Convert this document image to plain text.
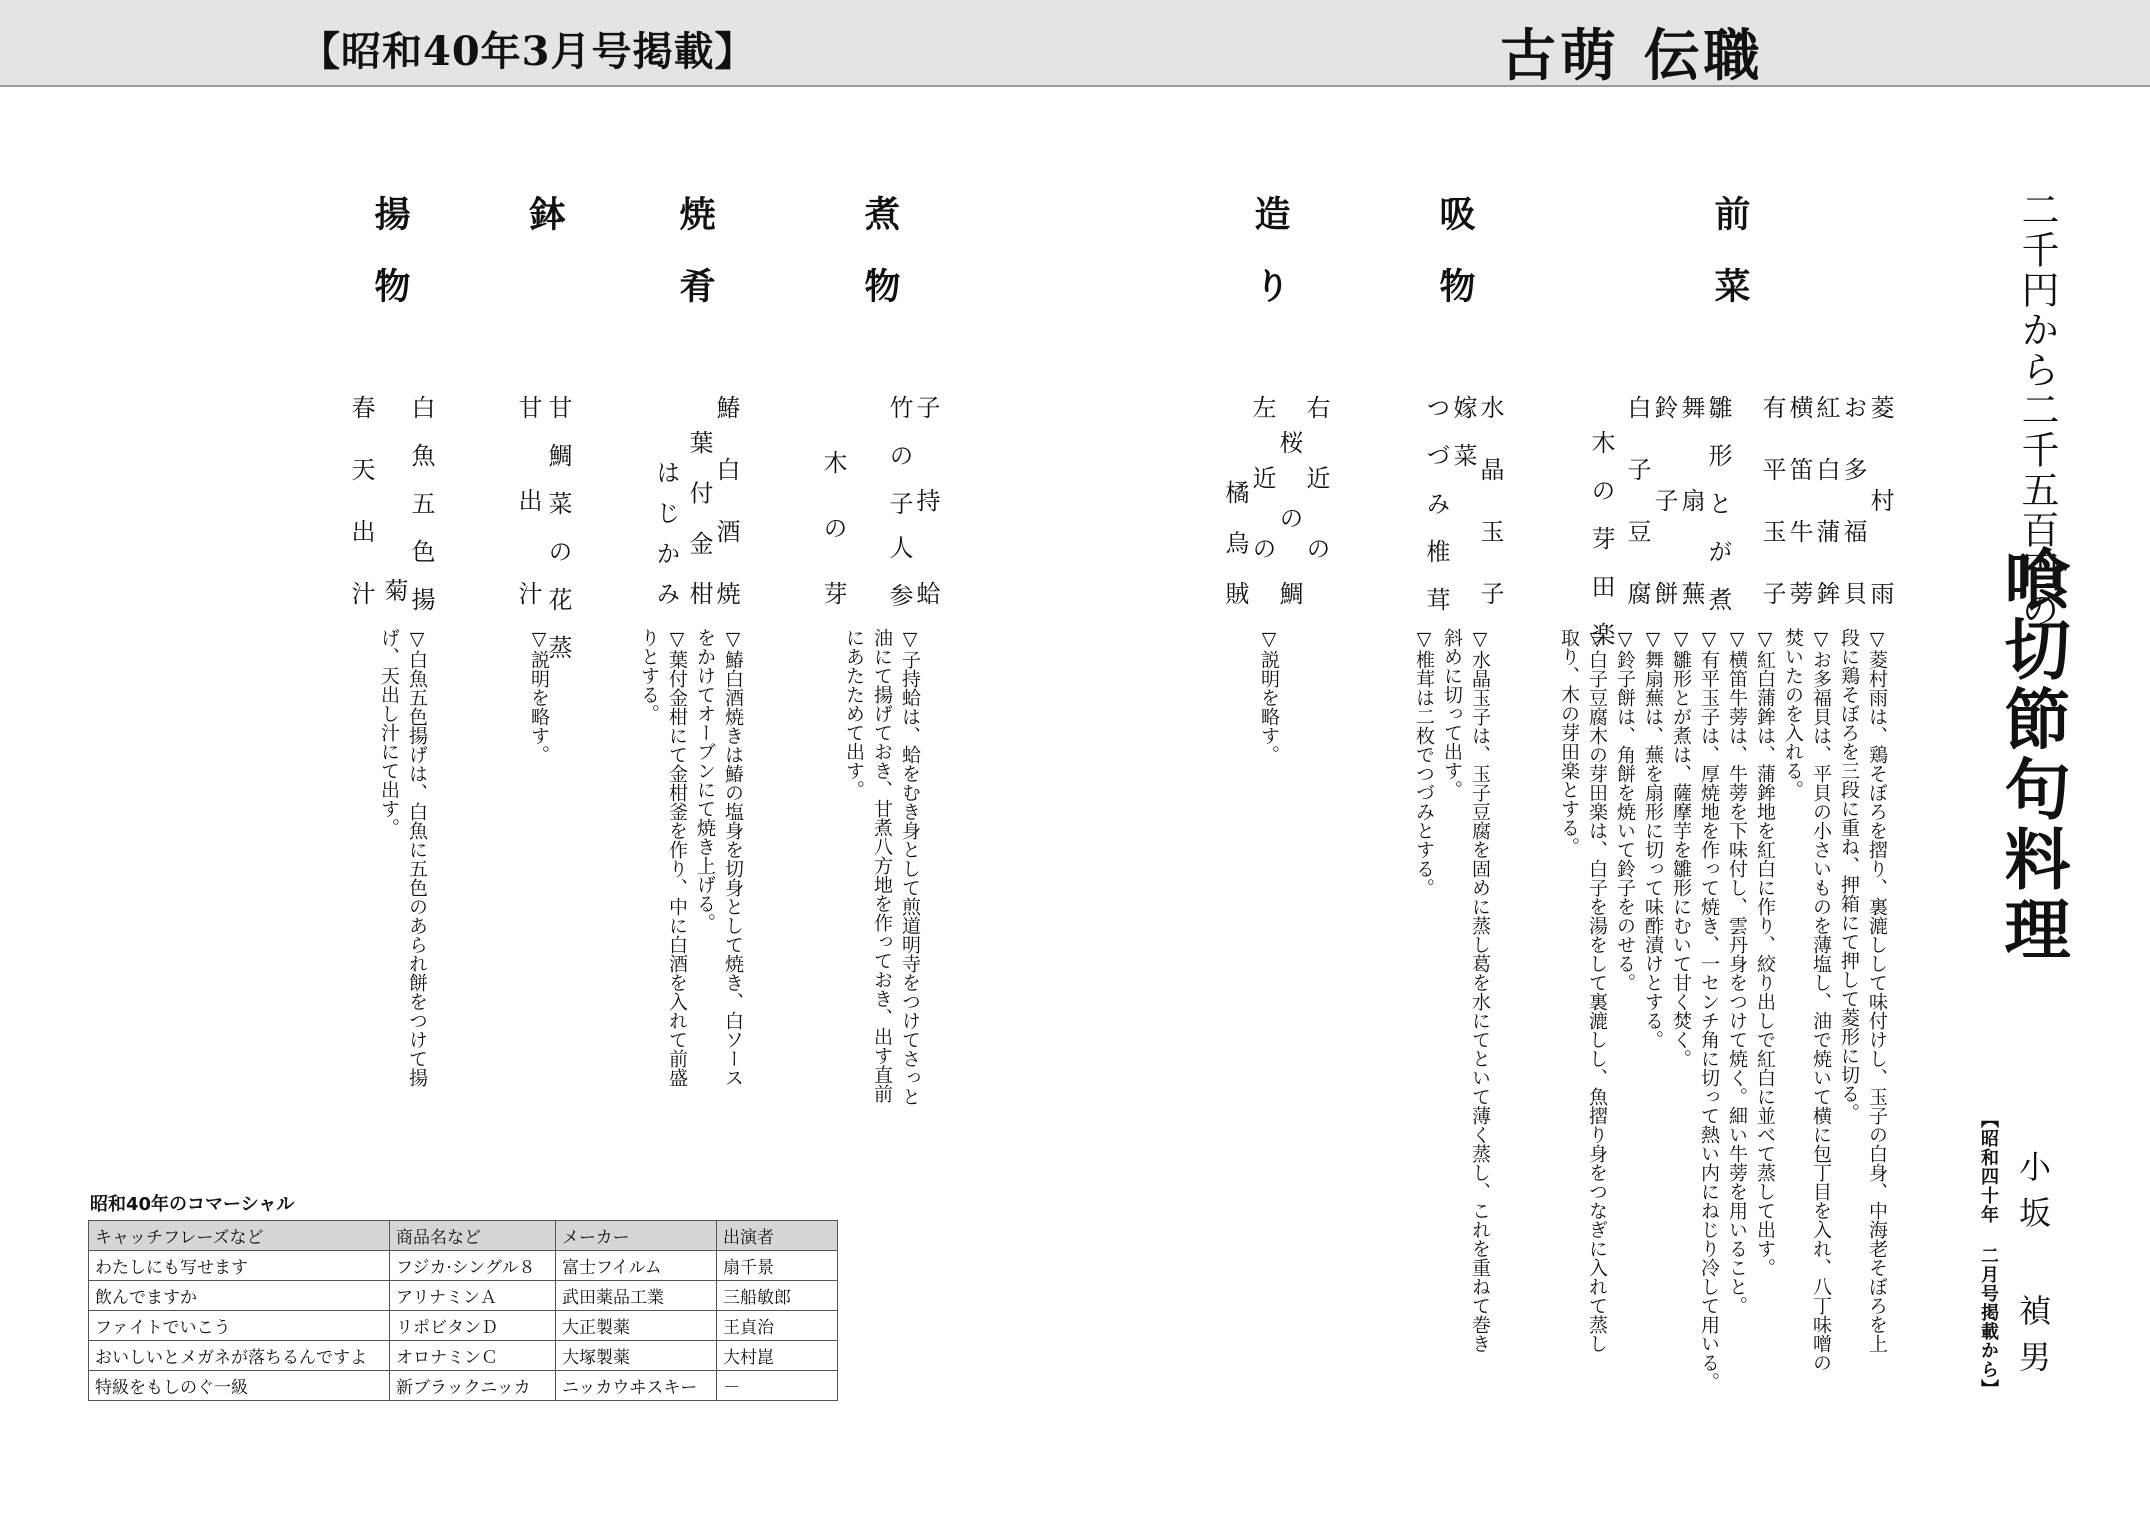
【昭和40年3月号掲載】	古萌 伝職
二千円から二千五百円の
喰切節句料理
小坂 禎男
【昭和四十年 二月号掲載から】
前　菜
菱　　村　　雨
お　多　福　貝
紅　白　蒲　鉾
横　笛　牛　蒡
有　平　玉　子
雛　形　と　が　煮
舞　扇　蕪
鈴　子　餅
白　子　豆　腐
木　の　芽　田　楽
▽菱村雨は、鶏そぼろを摺り、裏漉しして味付けし、玉子の白身、中海老そぼろを上
段に鶏そぼろを三段に重ね、押箱にて押して菱形に切る。
▽お多福貝は、平貝の小さいものを薄塩し、油で焼いて横に包丁目を入れ、八丁味噌の
焚いたのを入れる。
▽紅白蒲鉾は、蒲鉾地を紅白に作り、絞り出しで紅白に並べて蒸して出す。
▽横笛牛蒡は、牛蒡を下味付し、雲丹身をつけて焼く。細い牛蒡を用いること。
▽有平玉子は、厚焼地を作って焼き、一センチ角に切って熱い内にねじり冷して用いる。
▽雛形とが煮は、薩摩芋を雛形にむいて甘く焚く。
▽舞扇蕪は、蕪を扇形に切って味酢漬けとする。
▽鈴子餅は、角餅を焼いて鈴子をのせる。
▽白子豆腐木の芽田楽は、白子を湯をして裏漉しし、魚摺り身をつなぎに入れて蒸し
取り、木の芽田楽とする。
吸　物
水　晶　玉　子
嫁　菜
つ　づ　み　椎　茸
▽水晶玉子は、玉子豆腐を固めに蒸し葛を水にてといて薄く蒸し、これを重ねて巻き
斜めに切って出す。
▽椎茸は二枚でつづみとする。
造　り
右　近　の
桜　の　鯛
左　近　の
橘　烏　賊
▽説明を略す。
煮　物
子　持　蛤
竹　の　子
人　参
木　の　芽
▽子持蛤は、蛤をむき身として煎道明寺をつけてさっと
油にて揚げておき、甘煮八方地を作っておき、出す直前
にあたためて出す。
焼　肴
鰆　白　酒　焼
葉　付　金　柑
はじかみ
▽鰆白酒焼きは鰆の塩身を切身として焼き、白ソース
をかけてオーブンにて焼き上げる。
▽葉付金柑にて金柑釜を作り、中に白酒を入れて前盛
りとする。
鉢
甘　鯛　菜　の　花　蒸
甘　出　汁
▽説明を略す。
揚　物
白　魚　五　色　揚
菊
春　天　出　汁
▽白魚五色揚げは、白魚に五色のあられ餅をつけて揚
げ、天出し汁にて出す。
昭和40年のコマーシャル
キャッチフレーズなど	商品名など	メーカー	出演者
わたしにも写せます	フジカ·シングル８	富士フイルム	扇千景
飲んでますか	アリナミンＡ	武田薬品工業	三船敏郎
ファイトでいこう	リポビタンＤ	大正製薬	王貞治
おいしいとメガネが落ちるんですよ	オロナミンＣ	大塚製薬	大村崑
特級をもしのぐ一級	新ブラックニッカ	ニッカウヰスキー	－
